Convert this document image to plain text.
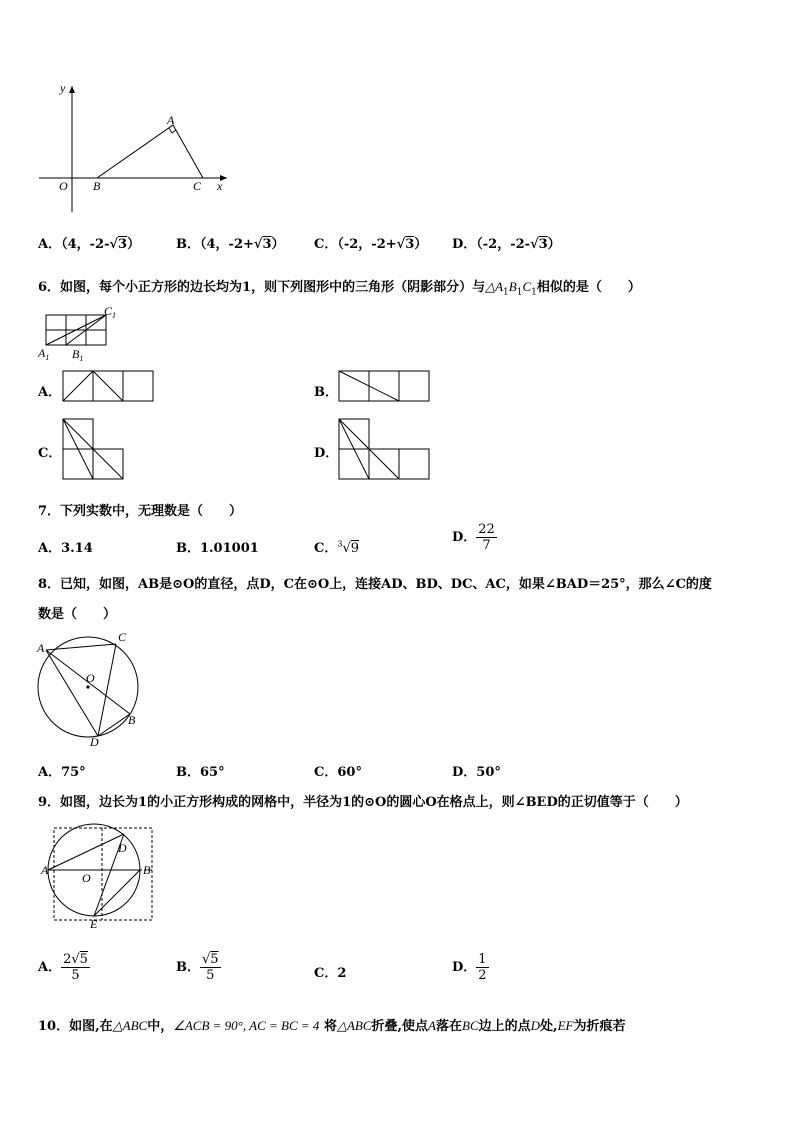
y
x
O
A
B	C
A．（4，-2-√3）	B．（4，-2+√3） C．（-2，-2+√3） D．（-2，-2-√3）
6．如图，每个小正方形的边长均为1，则下列图形中的三角形（阴影部分）与$\triangle A_1B_1C_1$相似的是（　　）
$A_1$ $B_1$
$C_1$
A．	B．
C．	D．
7．下列实数中，无理数是（　　）
A．3.14	B．1.01001	C．$^3$√9
D． $\frac{22}{7}$
8．已知，如图，AB是⊙O的直径，点D，C在⊙O上，连接AD、BD、DC、AC，如果∠BAD＝25°，那么∠C的度
数是（　　）
A
C
O
B
D
A．75°	B．65°	C．60°	D．50°
9．如图，边长为1的小正方形构成的网格中，半径为1的⊙O的圆心O在格点上，则∠BED的正切值等于（　　）
A	B
D
O
E
A． $\frac{2√5}{5}$	B． $\frac{√5}{5}$	C．2	D． $\frac{1}{2}$
10．如图,在△ABC中，∠ACB = 90°, AC = BC = 4 将△ABC折叠,使点A落在BC边上的点D处,EF为折痕若
